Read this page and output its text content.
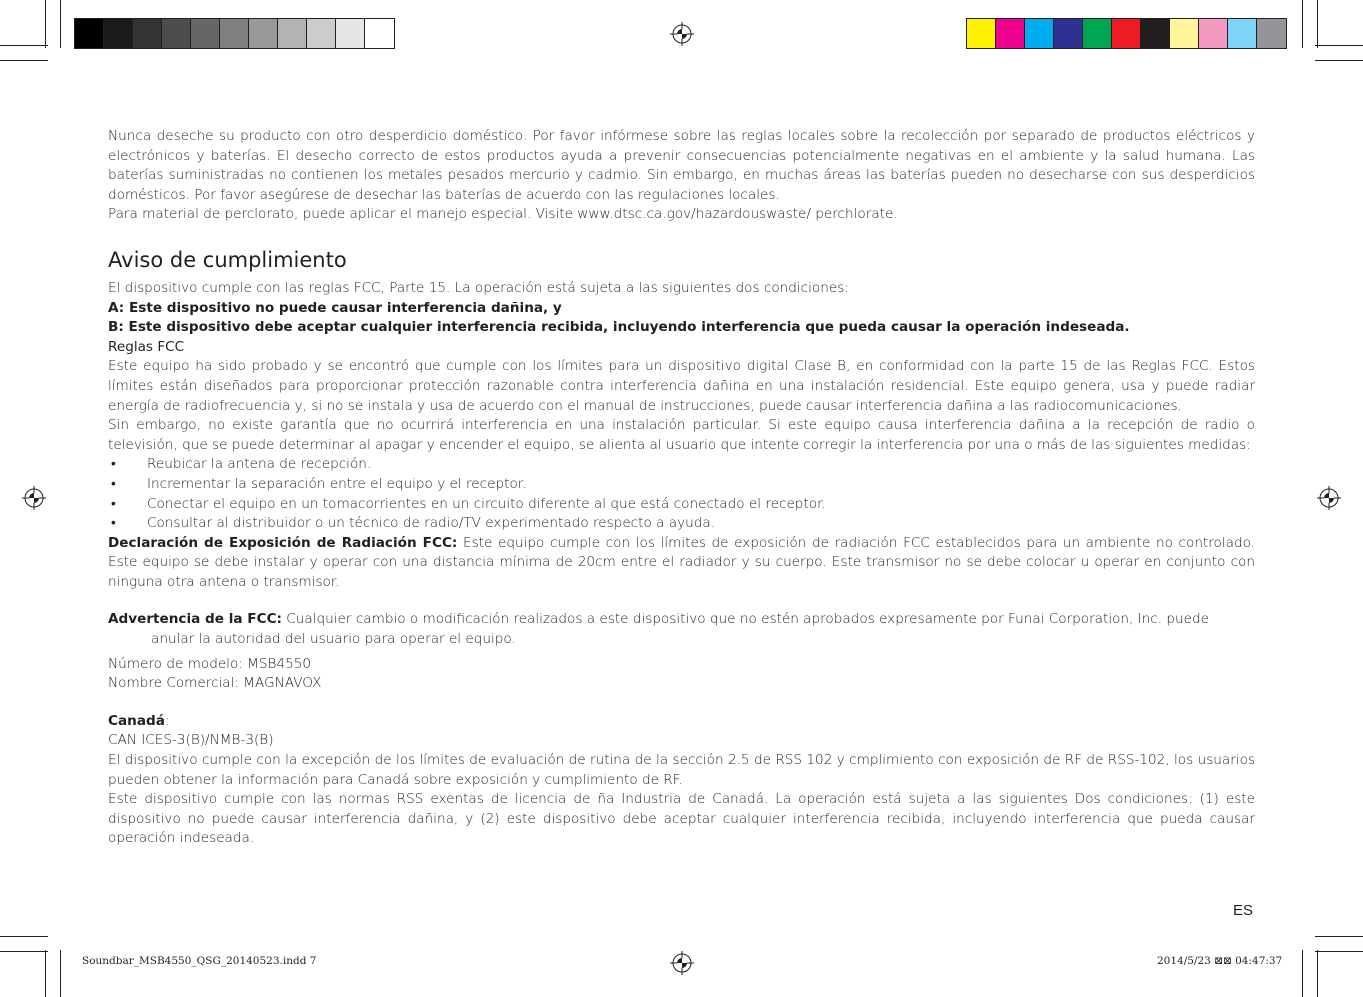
Nunca deseche su producto con otro desperdicio doméstico. Por favor infórmese sobre las reglas locales sobre la recolección por separado de productos eléctricos y electrónicos y baterías. El desecho correcto de estos productos ayuda a prevenir consecuencias potencialmente negativas en el ambiente y la salud humana. Las baterías suministradas no contienen los metales pesados mercurio y cadmio. Sin embargo, en muchas áreas las baterías pueden no desecharse con sus desperdicios domésticos. Por favor asegúrese de desechar las baterías de acuerdo con las regulaciones locales.

Para material de perclorato, puede aplicar el manejo especial. Visite www.dtsc.ca.gov/hazardouswaste/ perchlorate.

Aviso de cumplimiento

El dispositivo cumple con las reglas FCC, Parte 15. La operación está sujeta a las siguientes dos condiciones:

A: Este dispositivo no puede causar interferencia dañina, y

B: Este dispositivo debe aceptar cualquier interferencia recibida, incluyendo interferencia que pueda causar la operación indeseada.

Reglas FCC

Este equipo ha sido probado y se encontró que cumple con los límites para un dispositivo digital Clase B, en conformidad con la parte 15 de las Reglas FCC. Estos límites están diseñados para proporcionar protección razonable contra interferencia dañina en una instalación residencial. Este equipo genera, usa y puede radiar energía de radiofrecuencia y, si no se instala y usa de acuerdo con el manual de instrucciones, puede causar interferencia dañina a las radiocomunicaciones.

Sin embargo, no existe garantía que no ocurrirá interferencia en una instalación particular. Si este equipo causa interferencia dañina a la recepción de radio o televisión, que se puede determinar al apagar y encender el equipo, se alienta al usuario que intente corregir la interferencia por una o más de las siguientes medidas:

•	Reubicar la antena de recepción.
•	Incrementar la separación entre el equipo y el receptor.
•	Conectar el equipo en un tomacorrientes en un circuito diferente al que está conectado el receptor.
•	Consultar al distribuidor o un técnico de radio/TV experimentado respecto a ayuda.

Declaración de Exposición de Radiación FCC: Este equipo cumple con los límites de exposición de radiación FCC establecidos para un ambiente no controlado. Este equipo se debe instalar y operar con una distancia mínima de 20cm entre el radiador y su cuerpo. Este transmisor no se debe colocar u operar en conjunto con ninguna otra antena o transmisor.

Advertencia de la FCC: Cualquier cambio o modificación realizados a este dispositivo que no estén aprobados expresamente por Funai Corporation, Inc. puede

anular la autoridad del usuario para operar el equipo.

Número de modelo: MSB4550

Nombre Comercial: MAGNAVOX

Canadá:

CAN ICES-3(B)/NMB-3(B)

El dispositivo cumple con la excepción de los límites de evaluación de rutina de la sección 2.5 de RSS 102 y cmplimiento con exposición de RF de RSS-102, los usuarios pueden obtener la información para Canadá sobre exposición y cumplimiento de RF.

Este dispositivo cumple con las normas RSS exentas de licencia de ña Industria de Canadá. La operación está sujeta a las siguientes Dos condiciones: (1) este dispositivo no puede causar interferencia dañina, y (2) este dispositivo debe aceptar cualquier interferencia recibida, incluyendo interferencia que pueda causar operación indeseada.

ES
Soundbar_MSB4550_QSG_20140523.indd 7	2014/5/23 ⊠⊠ 04:47:37
